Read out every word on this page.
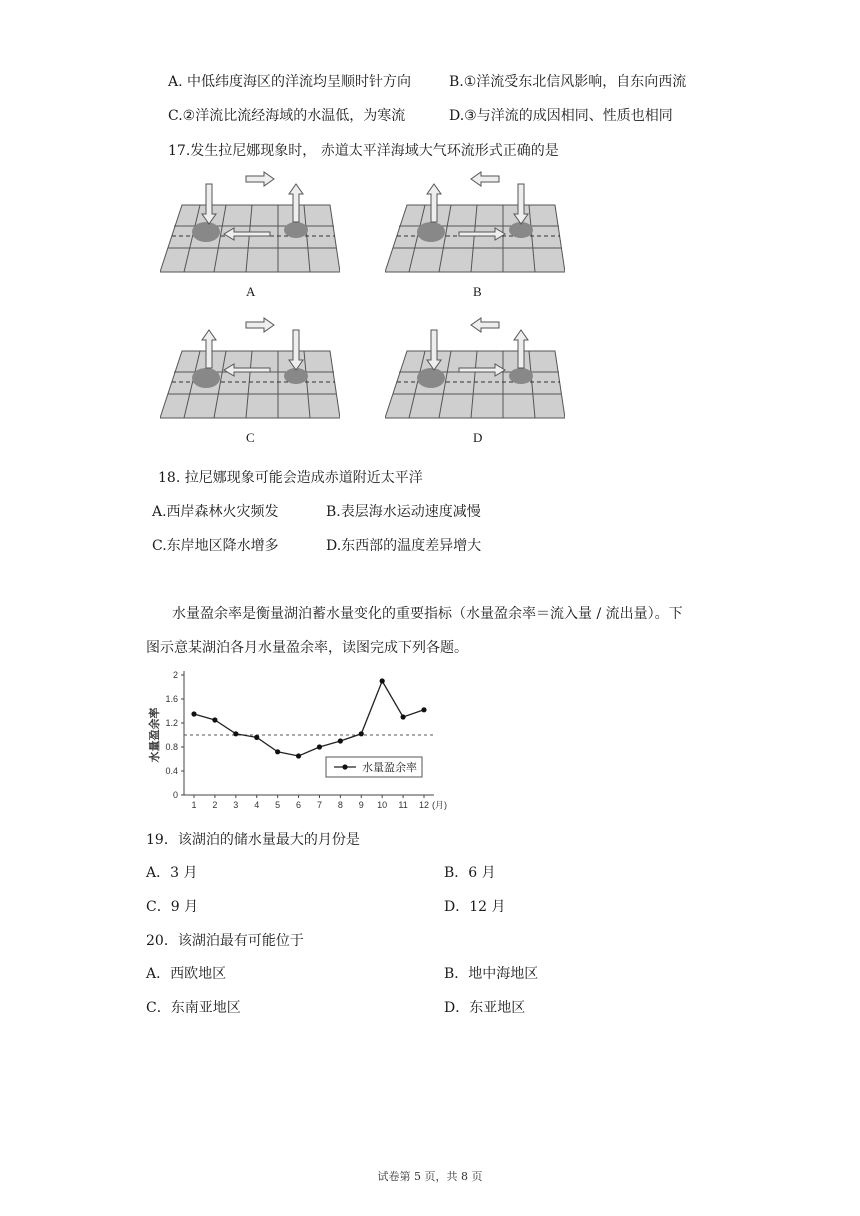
A. 中低纬度海区的洋流均呈顺时针方向	B.①洋流受东北信风影响，自东向西流
C.②洋流比流经海域的水温低，为寒流	D.③与洋流的成因相同、性质也相同
17.发生拉尼娜现象时， 赤道太平洋海域大气环流形式正确的是
A	B
C	D
18. 拉尼娜现象可能会造成赤道附近太平洋
A.西岸森林火灾频发	B.表层海水运动速度减慢
C.东岸地区降水增多	D.东西部的温度差异增大
水量盈余率是衡量湖泊蓄水量变化的重要指标（水量盈余率＝流入量 / 流出量）。下
图示意某湖泊各月水量盈余率，读图完成下列各题。
0
0.4
0.8
1.2
1.6
2
1 2 3 4 5 6 7 8 9 10 11 12 (月)
水量盈余率
水量盈余率
19．该湖泊的储水量最大的月份是
A．3 月	B．6 月
C．9 月	D．12 月
20．该湖泊最有可能位于
A．西欧地区	B．地中海地区
C．东南亚地区	D．东亚地区
试卷第 5 页，共 8 页
